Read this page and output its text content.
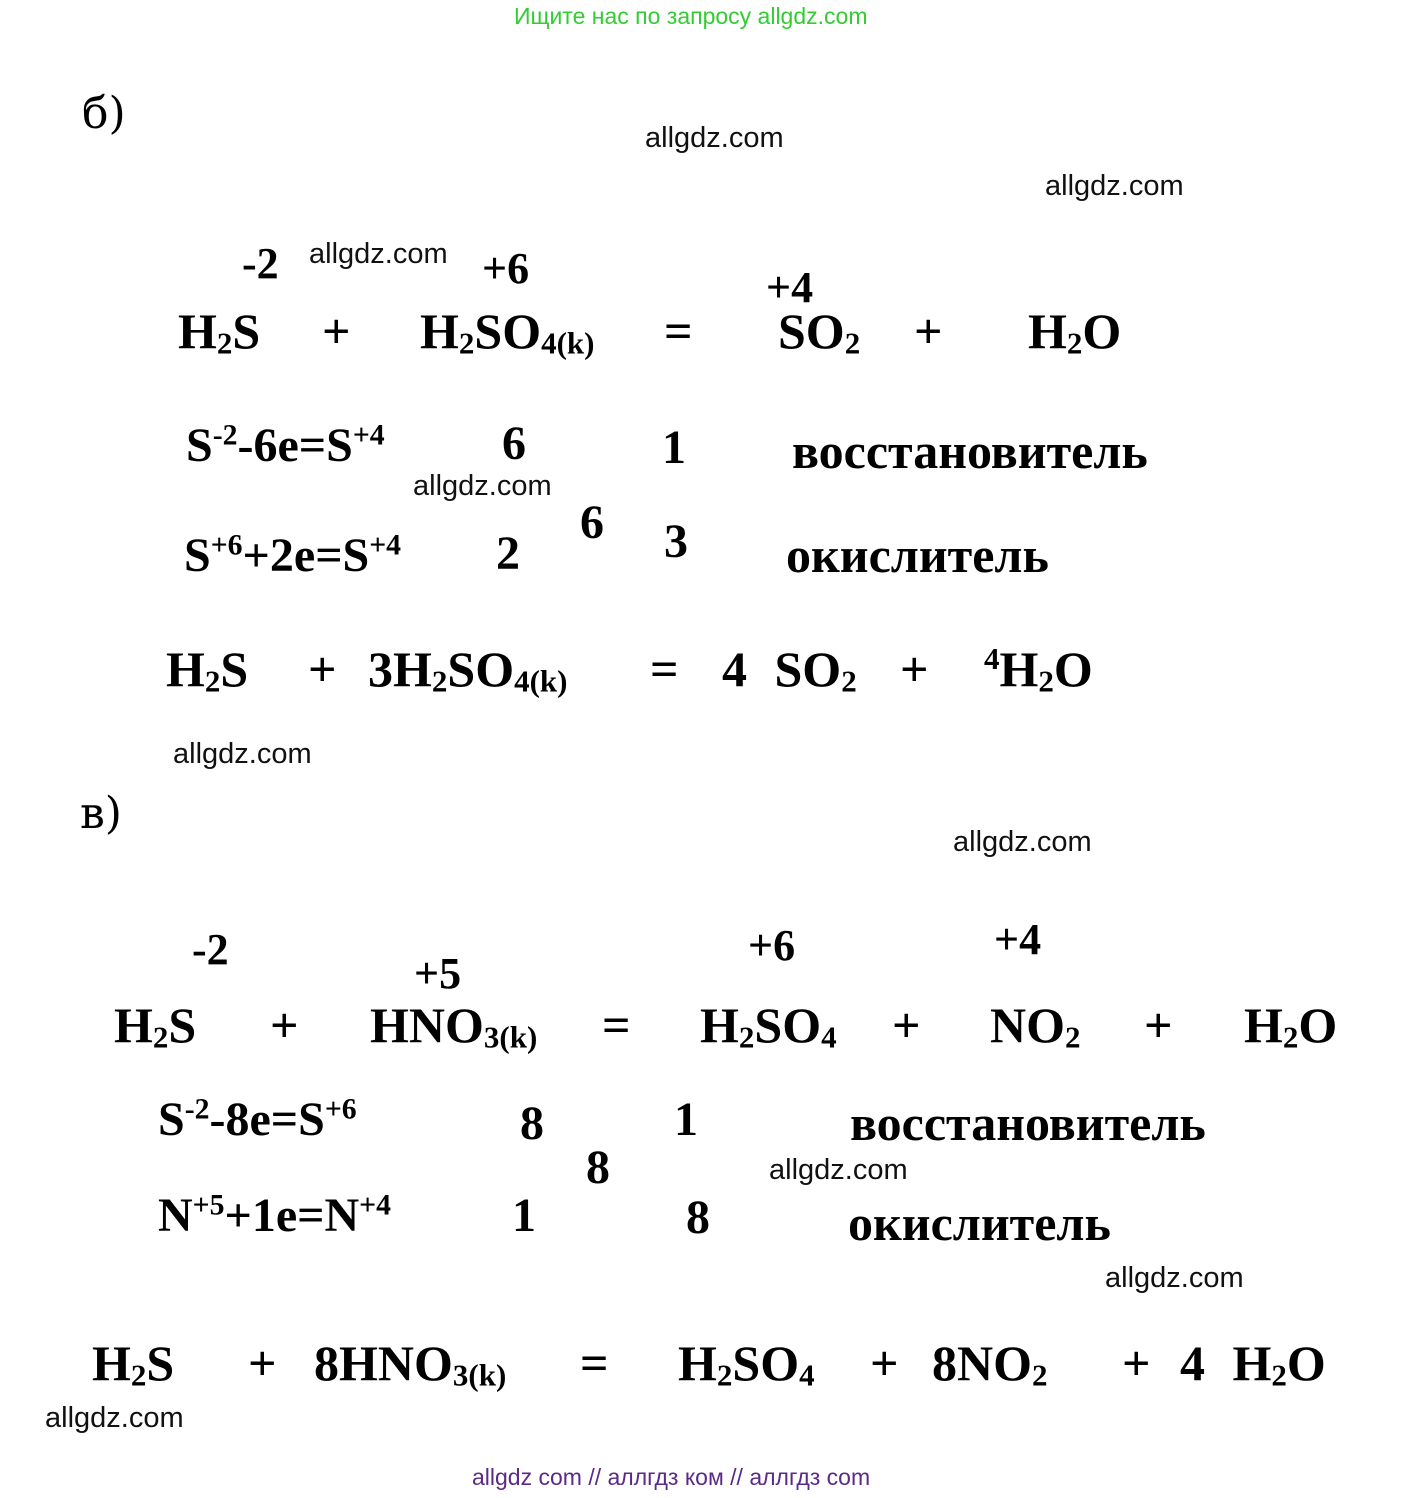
Ищите нас по запросу allgdz.com
б)
-2	+6	+4
$H_2S + H_2SO_{4(k)} = SO_2 + H_2O$
$S^{-2}-6e=S^{+4}$ 6	1 восстановитель
6
$S^{+6}+2e=S^{+4}$ 2	3 окислитель
$H_2S + 3H_2SO_{4(k)} = 4$ $SO_2 + ^4H_2O$
в)
-2	+5
+6	+4
$H_2S + HNO_{3(k)} = H_2SO_4 + NO_2 + H_2O$
$S^{-2}-8e=S^{+6}$	8	1	восстановитель
8
$N^{+5}+1e=N^{+4}$	1	8	окислитель
$H_2S + 8HNO_{3(k)} = H_2SO_4 + 8NO_2 + 4$ $H_2O$
allgdz.com
allgdz.com
allgdz.com
allgdz.com
allgdz.com
allgdz.com
allgdz.com
allgdz.com
allgdz.com
allgdz com // аллгдз ком // аллгдз com
